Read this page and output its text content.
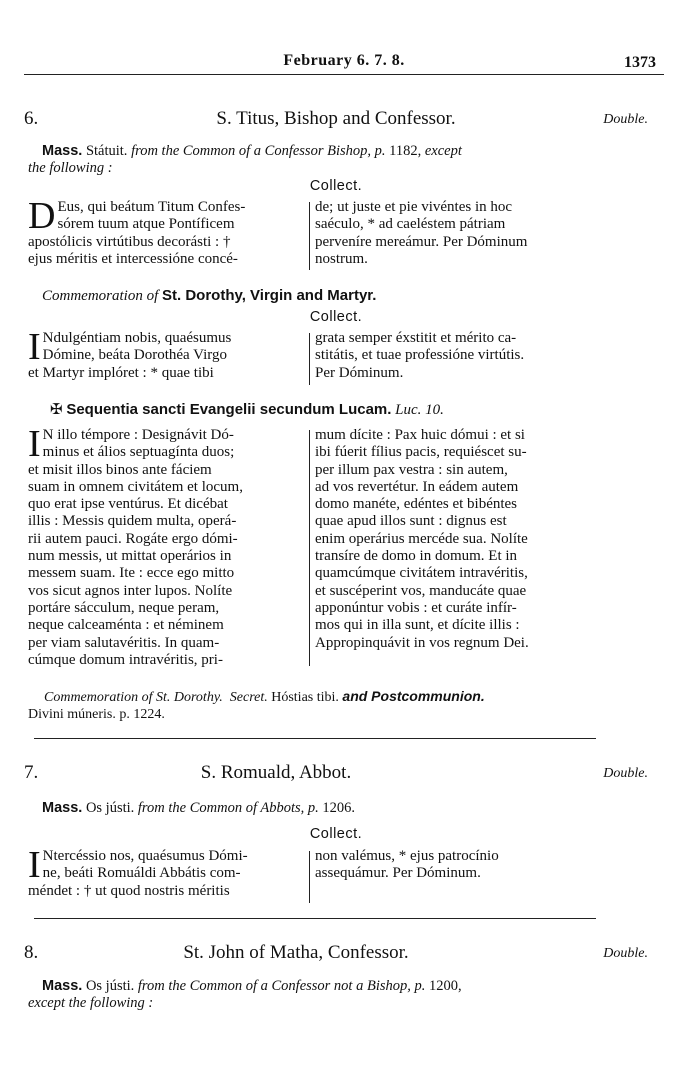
February 6. 7. 8.	1373
6.	S. Titus, Bishop and Confessor.	Double.
Mass. Státuit. from the Common of a Confessor Bishop, p. 1182, except
the following :
Collect.
D Eus, qui beátum Titum Confes-
sórem tuum atque Pontíficem
apostólicis virtútibus decorásti : †
ejus méritis et intercessióne concé-
de; ut juste et pie vivéntes in hoc
saéculo, * ad caeléstem pátriam
perveníre mereámur. Per Dóminum
nostrum.
Commemoration of St. Dorothy, Virgin and Martyr.
Collect.
I Ndulgéntiam nobis, quaésumus
Dómine, beáta Dorothéa Virgo
et Martyr implóret : * quae tibi
grata semper éxstitit et mérito ca-
stitátis, et tuae professióne virtútis.
Per Dóminum.
✠ Sequentia sancti Evangelii secundum Lucam. Luc. 10.
I N illo témpore : Designávit Dó-
minus et álios septuagínta duos;
et misit illos binos ante fáciem
suam in omnem civitátem et locum,
quo erat ipse ventúrus. Et dicébat
illis : Messis quidem multa, operá-
rii autem pauci. Rogáte ergo dómi-
num messis, ut mittat operários in
messem suam. Ite : ecce ego mitto
vos sicut agnos inter lupos. Nolíte
portáre sácculum, neque peram,
neque calceaménta : et néminem
per viam salutavéritis. In quam-
cúmque domum intravéritis, pri-
mum dícite : Pax huic dómui : et si
ibi fúerit fílius pacis, requiéscet su-
per illum pax vestra : sin autem,
ad vos revertétur. In eádem autem
domo manéte, edéntes et bibéntes
quae apud illos sunt : dignus est
enim operárius mercéde sua. Nolíte
transíre de domo in domum. Et in
quamcúmque civitátem intravéritis,
et suscéperint vos, manducáte quae
apponúntur vobis : et curáte infír-
mos qui in illa sunt, et dícite illis :
Appropinquávit in vos regnum Dei.
Commemoration of St. Dorothy. Secret. Hóstias tibi. and Postcommunion.
Divini múneris. p. 1224.
7.	S. Romuald, Abbot.	Double.
Mass. Os jústi. from the Common of Abbots, p. 1206.
Collect.
I Ntercéssio nos, quaésumus Dómi-
ne, beáti Romuáldi Abbátis com-
méndet : † ut quod nostris méritis
non valémus, * ejus patrocínio
assequámur. Per Dóminum.
8.	St. John of Matha, Confessor.	Double.
Mass. Os jústi. from the Common of a Confessor not a Bishop, p. 1200,
except the following :
